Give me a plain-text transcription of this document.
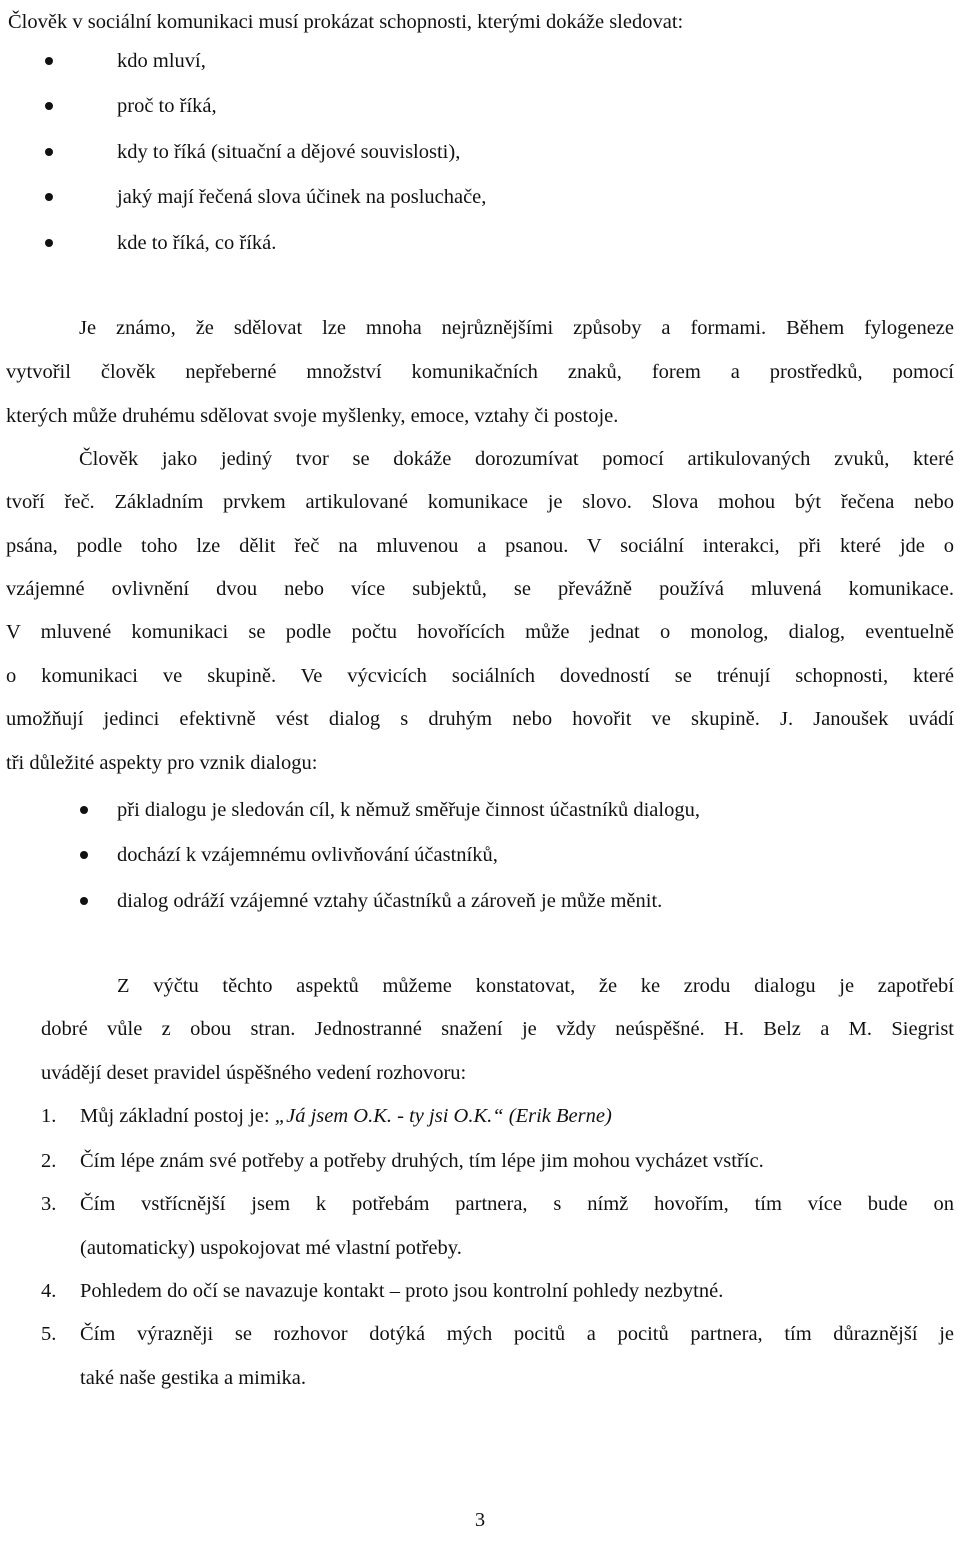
Člověk v sociální komunikaci musí prokázat schopnosti, kterými dokáže sledovat:
kdo mluví,
proč to říká,
kdy to říká (situační a dějové souvislosti),
jaký mají řečená slova účinek na posluchače,
kde to říká, co říká.
Je známo, že sdělovat lze mnoha nejrůznějšími způsoby a formami. Během fylogeneze
vytvořil člověk nepřeberné množství komunikačních znaků, forem a prostředků, pomocí
kterých může druhému sdělovat svoje myšlenky, emoce, vztahy či postoje.
Člověk jako jediný tvor se dokáže dorozumívat pomocí artikulovaných zvuků, které
tvoří řeč. Základním prvkem artikulované komunikace je slovo. Slova mohou být řečena nebo
psána, podle toho lze dělit řeč na mluvenou a psanou. V sociální interakci, při které jde o
vzájemné ovlivnění dvou nebo více subjektů, se převážně používá mluvená komunikace.
V mluvené komunikaci se podle počtu hovořících může jednat o monolog, dialog, eventuelně
o komunikaci ve skupině. Ve výcvicích sociálních dovedností se trénují schopnosti, které
umožňují jedinci efektivně vést dialog s druhým nebo hovořit ve skupině. J. Janoušek uvádí
tři důležité aspekty pro vznik dialogu:
při dialogu je sledován cíl, k němuž směřuje činnost účastníků dialogu,
dochází k vzájemnému ovlivňování účastníků,
dialog odráží vzájemné vztahy účastníků a zároveň je může měnit.
Z výčtu těchto aspektů můžeme konstatovat, že ke zrodu dialogu je zapotřebí
dobré vůle z obou stran. Jednostranné snažení je vždy neúspěšné. H. Belz a M. Siegrist
uvádějí deset pravidel úspěšného vedení rozhovoru:
1. Můj základní postoj je: „Já jsem O.K. - ty jsi O.K.“ (Erik Berne)
2. Čím lépe znám své potřeby a potřeby druhých, tím lépe jim mohou vycházet vstříc.
3. Čím vstřícnější jsem k potřebám partnera, s nímž hovořím, tím více bude on
(automaticky) uspokojovat mé vlastní potřeby.
4. Pohledem do očí se navazuje kontakt – proto jsou kontrolní pohledy nezbytné.
5. Čím výrazněji se rozhovor dotýká mých pocitů a pocitů partnera, tím důraznější je
také naše gestika a mimika.
3
